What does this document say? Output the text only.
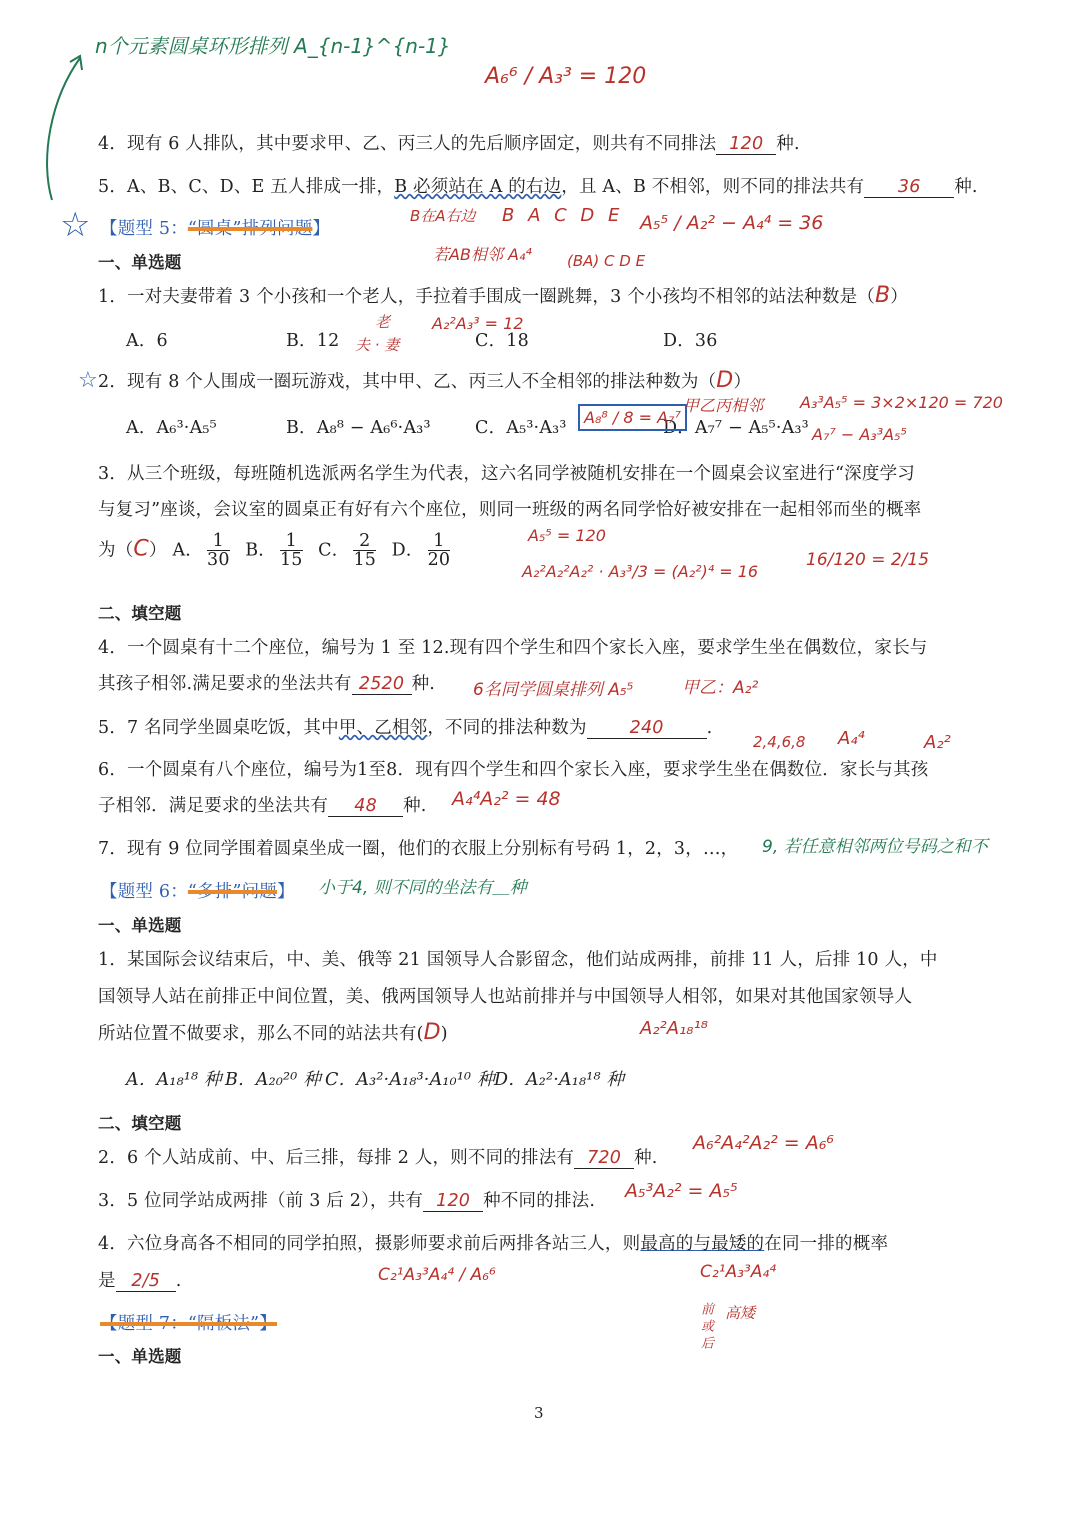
n个元素圆桌环形排列 A_{n-1}^{n-1}
A₆⁶ / A₃³ = 120
4．现有 6 人排队，其中要求甲、乙、丙三人的先后顺序固定，则共有不同排法 120 种.
5．A、B、C、D、E 五人排成一排，B 必须站在 A 的右边，且 A、B 不相邻，则不同的排法共有 36 种.
B在A右边 B A C D E A₅⁵ / A₂² − A₄⁴ = 36
若AB相邻 A₄⁴ (BA) C D E
☆ 【题型 5：“圆桌”排列问题】
一、单选题
1．一对夫妻带着 3 个小孩和一个老人，手拉着手围成一圈跳舞，3 个小孩均不相邻的站法种数是（B）
A．6	B．12	C．18	D．36
老
夫 · 妻
A₂²A₃³ = 12
☆ 2．现有 8 个人围成一圈玩游戏，其中甲、乙、丙三人不全相邻的排法种数为（D）
A．A₆³·A₅⁵	B．A₈⁸ − A₆⁶·A₃³	C．A₅³·A₃³	D．A₇⁷ − A₅⁵·A₃³
A₈⁸ / 8 = A₇⁷
甲乙丙相邻 A₃³A₅⁵ = 3×2×120 = 720
A₇⁷ − A₃³A₅⁵
3．从三个班级，每班随机选派两名学生为代表，这六名同学被随机安排在一个圆桌会议室进行“深度学习
与复习”座谈，会议室的圆桌正有好有六个座位，则同一班级的两名同学恰好被安排在一起相邻而坐的概率
为（C） A． $\frac{1}{30}$ B． $\frac{1}{15}$ C． $\frac{2}{15}$ D． $\frac{1}{20}$	A₅⁵ = 120
A₂²A₂²A₂² · A₃³/3 = (A₂²)⁴ = 16
16/120 = 2/15
二、填空题
4．一个圆桌有十二个座位，编号为 1 至 12.现有四个学生和四个家长入座，要求学生坐在偶数位，家长与
其孩子相邻.满足要求的坐法共有 2520 种. 6名同学圆桌排列 A₅⁵	甲乙：A₂²
5．7 名同学坐圆桌吃饭，其中甲、乙相邻，不同的排法种数为 240 .
2,4,6,8 A₄⁴	A₂²
6．一个圆桌有八个座位，编号为1至8．现有四个学生和四个家长入座，要求学生坐在偶数位．家长与其孩
子相邻．满足要求的坐法共有 48 种. A₄⁴A₂² = 48
7．现有 9 位同学围着圆桌坐成一圈，他们的衣服上分别标有号码 1，2，3，…， 9, 若任意相邻两位号码之和不
【题型 6：“多排”问题】 小于4, 则不同的坐法有＿种
一、单选题
1．某国际会议结束后，中、美、俄等 21 国领导人合影留念，他们站成两排，前排 11 人，后排 10 人，中
国领导人站在前排正中间位置，美、俄两国领导人也站前排并与中国领导人相邻，如果对其他国家领导人
所站位置不做要求，那么不同的站法共有(D)	A₂²A₁₈¹⁸
A．A₁₈¹⁸ 种 B．A₂₀²⁰ 种 C．A₃²·A₁₈³·A₁₀¹⁰ 种 D．A₂²·A₁₈¹⁸ 种
二、填空题
2．6 个人站成前、中、后三排，每排 2 人，则不同的排法有 720 种.
A₆²A₄²A₂² = A₆⁶
3．5 位同学站成两排（前 3 后 2），共有 120 种不同的排法. A₅³A₂² = A₅⁵
4．六位身高各不相同的同学拍照，摄影师要求前后两排各站三人，则最高的与最矮的在同一排的概率
是 2/5 .	C₂¹A₃³A₄⁴ / A₆⁶	C₂¹A₃³A₄⁴
前 或 后 高矮
【题型 7：“隔板法”】
一、单选题
3
